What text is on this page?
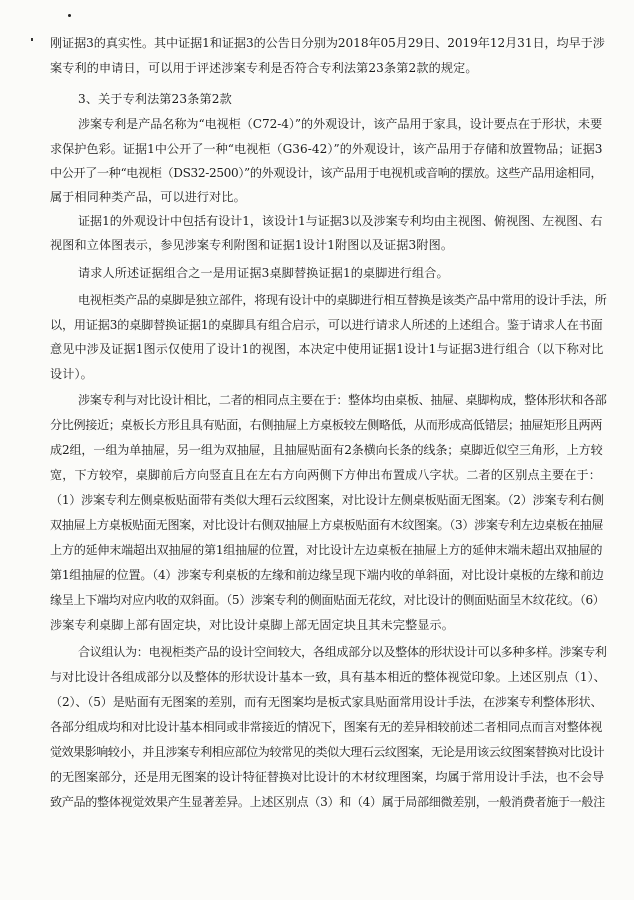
刚证据3的真实性。其中证据1和证据3的公告日分别为2018年05月29日、2019年12月31日，均早于涉
案专利的申请日，可以用于评述涉案专利是否符合专利法第23条第2款的规定。
3、关于专利法第23条第2款
涉案专利是产品名称为“电视柜（C72-4）”的外观设计，该产品用于家具，设计要点在于形状，未要
求保护色彩。证据1中公开了一种“电视柜（G36-42）”的外观设计，该产品用于存储和放置物品；证据3
中公开了一种“电视柜（DS32-2500）”的外观设计，该产品用于电视机或音响的摆放。这些产品用途相同，
属于相同种类产品，可以进行对比。
证据1的外观设计中包括有设计1，该设计1与证据3以及涉案专利均由主视图、俯视图、左视图、右
视图和立体图表示，参见涉案专利附图和证据1设计1附图以及证据3附图。
请求人所述证据组合之一是用证据3桌脚替换证据1的桌脚进行组合。
电视柜类产品的桌脚是独立部件，将现有设计中的桌脚进行相互替换是该类产品中常用的设计手法，所
以，用证据3的桌脚替换证据1的桌脚具有组合启示，可以进行请求人所述的上述组合。鉴于请求人在书面
意见中涉及证据1图示仅使用了设计1的视图，本决定中使用证据1设计1与证据3进行组合（以下称对比
设计）。
涉案专利与对比设计相比，二者的相同点主要在于：整体均由桌板、抽屉、桌脚构成，整体形状和各部
分比例接近；桌板长方形且具有贴面，右侧抽屉上方桌板较左侧略低，从而形成高低错层；抽屉矩形且两两
成2组，一组为单抽屉，另一组为双抽屉，且抽屉贴面有2条横向长条的线条；桌脚近似空三角形，上方较
宽，下方较窄，桌脚前后方向竖直且在左右方向两侧下方伸出布置成八字状。二者的区别点主要在于：
（1）涉案专利左侧桌板贴面带有类似大理石云纹图案，对比设计左侧桌板贴面无图案。（2）涉案专利右侧
双抽屉上方桌板贴面无图案，对比设计右侧双抽屉上方桌板贴面有木纹图案。（3）涉案专利左边桌板在抽屉
上方的延伸末端超出双抽屉的第1组抽屉的位置，对比设计左边桌板在抽屉上方的延伸末端未超出双抽屉的
第1组抽屉的位置。（4）涉案专利桌板的左缘和前边缘呈现下端内收的单斜面，对比设计桌板的左缘和前边
缘呈上下端均对应内收的双斜面。（5）涉案专利的侧面贴面无花纹，对比设计的侧面贴面呈木纹花纹。（6）
涉案专利桌脚上部有固定块，对比设计桌脚上部无固定块且其未完整显示。
合议组认为：电视柜类产品的设计空间较大，各组成部分以及整体的形状设计可以多种多样。涉案专利
与对比设计各组成部分以及整体的形状设计基本一致，具有基本相近的整体视觉印象。上述区别点（1）、
（2）、（5）是贴面有无图案的差别，而有无图案均是板式家具贴面常用设计手法，在涉案专利整体形状、
各部分组成均和对比设计基本相同或非常接近的情况下，图案有无的差异相较前述二者相同点而言对整体视
觉效果影响较小，并且涉案专利相应部位为较常见的类似大理石云纹图案，无论是用该云纹图案替换对比设计
的无图案部分，还是用无图案的设计特征替换对比设计的木材纹理图案，均属于常用设计手法，也不会导
致产品的整体视觉效果产生显著差异。上述区别点（3）和（4）属于局部细微差别，一般消费者施于一般注
